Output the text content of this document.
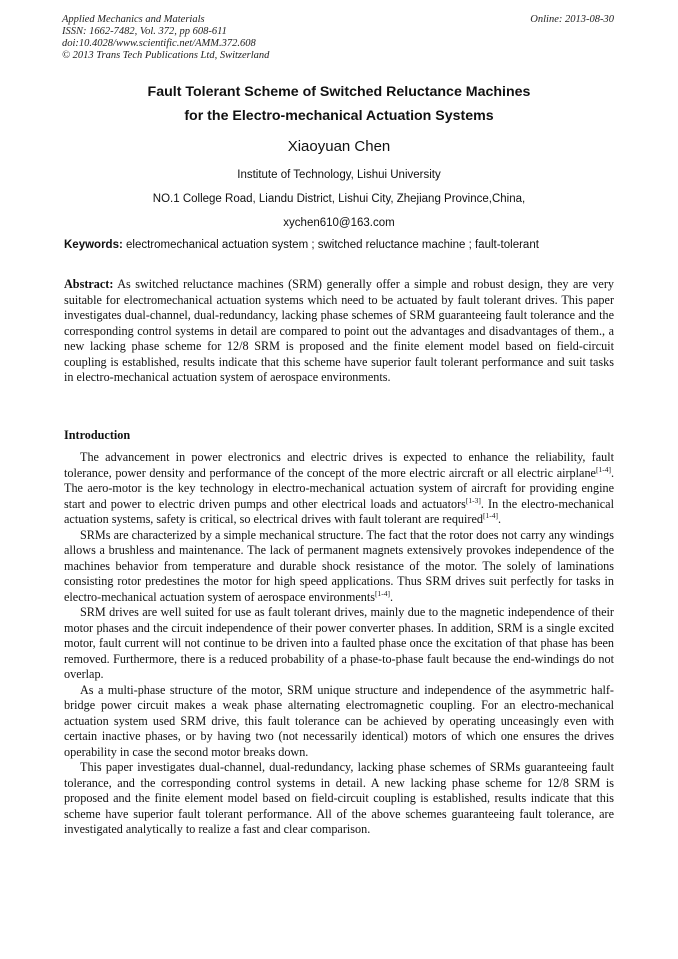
Applied Mechanics and Materials
ISSN: 1662-7482, Vol. 372, pp 608-611
doi:10.4028/www.scientific.net/AMM.372.608
© 2013 Trans Tech Publications Ltd, Switzerland
Online: 2013-08-30
Fault Tolerant Scheme of Switched Reluctance Machines
for the Electro-mechanical Actuation Systems
Xiaoyuan Chen
Institute of Technology, Lishui University
NO.1 College Road, Liandu District, Lishui City, Zhejiang Province,China,
xychen610@163.com
Keywords: electromechanical actuation system ; switched reluctance machine ; fault-tolerant
Abstract: As switched reluctance machines (SRM) generally offer a simple and robust design, they are very suitable for electromechanical actuation systems which need to be actuated by fault tolerant drives. This paper investigates dual-channel, dual-redundancy, lacking phase schemes of SRM guaranteeing fault tolerance and the corresponding control systems in detail are compared to point out the advantages and disadvantages of them., a new lacking phase scheme for 12/8 SRM is proposed and the finite element model based on field-circuit coupling is established, results indicate that this scheme have superior fault tolerant performance and suit tasks in electro-mechanical actuation system of aerospace environments.
Introduction

The advancement in power electronics and electric drives is expected to enhance the reliability, fault tolerance, power density and performance of the concept of the more electric aircraft or all electric airplane[1-4]. The aero-motor is the key technology in electro-mechanical actuation system of aircraft for providing engine start and power to electric driven pumps and other electrical loads and actuators[1-3]. In the electro-mechanical actuation systems, safety is critical, so electrical drives with fault tolerant are required[1-4].

SRMs are characterized by a simple mechanical structure. The fact that the rotor does not carry any windings allows a brushless and maintenance. The lack of permanent magnets extensively provokes independence of the machines behavior from temperature and durable shock resistance of the motor. The solely of laminations consisting rotor predestines the motor for high speed applications. Thus SRM drives suit perfectly for tasks in electro-mechanical actuation system of aerospace environments[1-4].

SRM drives are well suited for use as fault tolerant drives, mainly due to the magnetic independence of their motor phases and the circuit independence of their power converter phases. In addition, SRM is a single excited motor, fault current will not continue to be driven into a faulted phase once the excitation of that phase has been removed. Furthermore, there is a reduced probability of a phase-to-phase fault because the end-windings do not overlap.

As a multi-phase structure of the motor, SRM unique structure and independence of the asymmetric half-bridge power circuit makes a weak phase alternating electromagnetic coupling. For an electro-mechanical actuation system used SRM drive, this fault tolerance can be achieved by operating unceasingly even with certain inactive phases, or by having two (not necessarily identical) motors of which one ensures the drives operability in case the second motor breaks down.

This paper investigates dual-channel, dual-redundancy, lacking phase schemes of SRMs guaranteeing fault tolerance, and the corresponding control systems in detail. A new lacking phase scheme for 12/8 SRM is proposed and the finite element model based on field-circuit coupling is established, results indicate that this scheme have superior fault tolerant performance. All of the above schemes guaranteeing fault tolerance, are investigated analytically to realize a fast and clear comparison.
